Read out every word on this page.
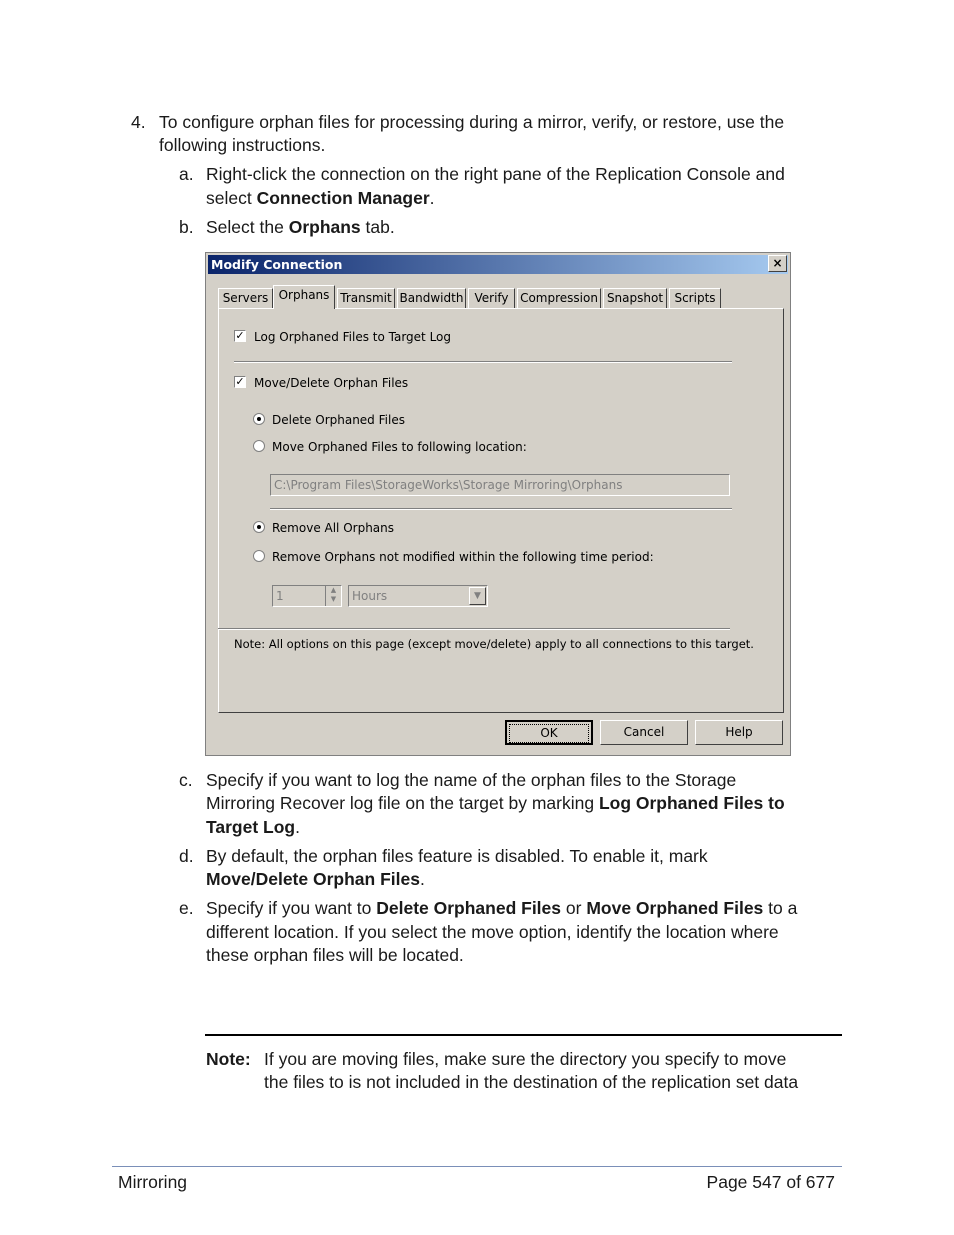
4. To configure orphan files for processing during a mirror, verify, or restore, use the
following instructions.
a. Right-click the connection on the right pane of the Replication Console and
select Connection Manager.
b. Select the Orphans tab.
Modify Connection	×
Servers Orphans Transmit Bandwidth Verify Compression Snapshot Scripts
✓ Log Orphaned Files to Target Log
✓ Move/Delete Orphan Files
Delete Orphaned Files
Move Orphaned Files to following location:
C:\Program Files\StorageWorks\Storage Mirroring\Orphans
Remove All Orphans
Remove Orphans not modified within the following time period:
1	▲
▼	Hours	▼
Note: All options on this page (except move/delete) apply to all connections to this target.
OK	Cancel	Help
c. Specify if you want to log the name of the orphan files to the Storage
Mirroring Recover log file on the target by marking Log Orphaned Files to
Target Log.
d. By default, the orphan files feature is disabled. To enable it, mark
Move/Delete Orphan Files.
e. Specify if you want to Delete Orphaned Files or Move Orphaned Files to a
different location. If you select the move option, identify the location where
these orphan files will be located.
Note: If you are moving files, make sure the directory you specify to move
the files to is not included in the destination of the replication set data
Mirroring	Page 547 of 677
